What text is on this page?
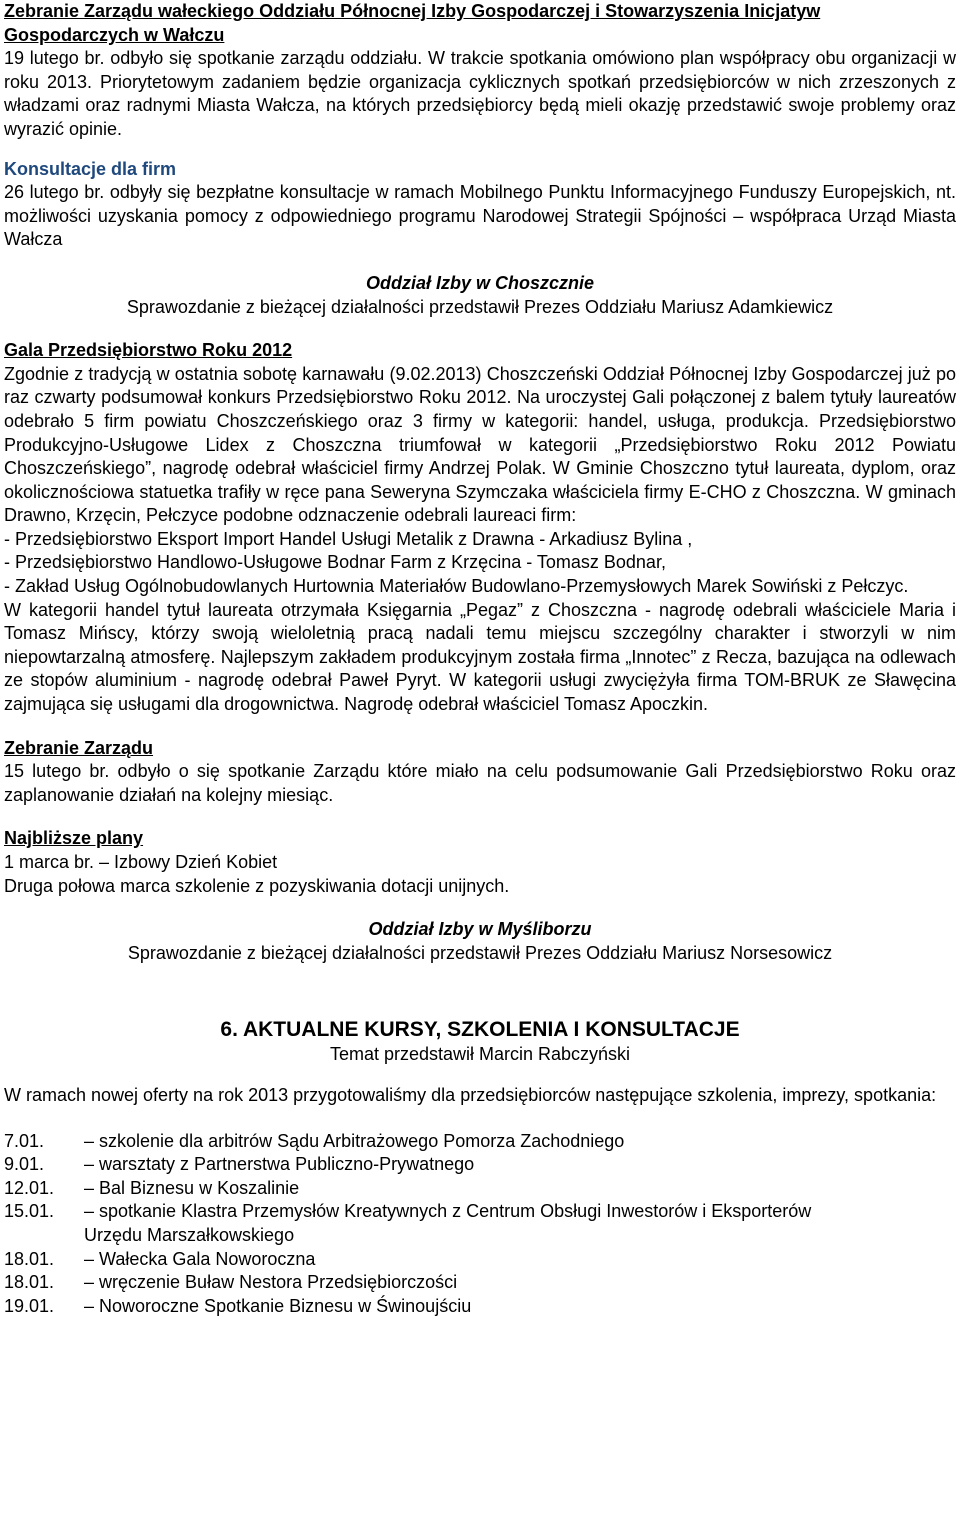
Zebranie Zarządu wałeckiego Oddziału Północnej Izby Gospodarczej i Stowarzyszenia Inicjatyw Gospodarczych w Wałczu

19 lutego br. odbyło się spotkanie zarządu oddziału. W trakcie spotkania omówiono plan współpracy obu organizacji w roku 2013. Priorytetowym zadaniem będzie organizacja cyklicznych spotkań przedsiębiorców w nich zrzeszonych z władzami oraz radnymi Miasta Wałcza, na których przedsiębiorcy będą mieli okazję przedstawić swoje problemy oraz wyrazić opinie.

Konsultacje dla firm

26 lutego br. odbyły się bezpłatne konsultacje w ramach Mobilnego Punktu Informacyjnego Funduszy Europejskich, nt. możliwości uzyskania pomocy z odpowiedniego programu Narodowej Strategii Spójności – współpraca Urząd Miasta Wałcza

Oddział Izby w Choszcznie

Sprawozdanie z bieżącej działalności przedstawił Prezes Oddziału Mariusz Adamkiewicz

Gala Przedsiębiorstwo Roku 2012

Zgodnie z tradycją w ostatnia sobotę karnawału (9.02.2013) Choszczeński Oddział Północnej Izby Gospodarczej już po raz czwarty podsumował konkurs Przedsiębiorstwo Roku 2012. Na uroczystej Gali połączonej z balem tytuły laureatów odebrało 5 firm powiatu Choszczeńskiego oraz 3 firmy w kategorii: handel, usługa, produkcja. Przedsiębiorstwo Produkcyjno-Usługowe Lidex z Choszczna triumfował w kategorii „Przedsiębiorstwo Roku 2012 Powiatu Choszczeńskiego”, nagrodę odebrał właściciel firmy Andrzej Polak. W Gminie Choszczno tytuł laureata, dyplom, oraz okolicznościowa statuetka trafiły w ręce pana Seweryna Szymczaka właściciela firmy E-CHO z Choszczna. W gminach Drawno, Krzęcin, Pełczyce podobne odznaczenie odebrali laureaci firm:

- Przedsiębiorstwo Eksport Import Handel Usługi Metalik z Drawna - Arkadiusz Bylina ,

- Przedsiębiorstwo Handlowo-Usługowe Bodnar Farm z Krzęcina - Tomasz Bodnar,

- Zakład Usług Ogólnobudowlanych Hurtownia Materiałów Budowlano-Przemysłowych Marek Sowiński z Pełczyc.

W kategorii handel tytuł laureata otrzymała Księgarnia „Pegaz” z Choszczna - nagrodę odebrali właściciele Maria i Tomasz Mińscy, którzy swoją wieloletnią pracą nadali temu miejscu szczególny charakter i stworzyli w nim niepowtarzalną atmosferę. Najlepszym zakładem produkcyjnym została firma „Innotec” z Recza, bazująca na odlewach ze stopów aluminium - nagrodę odebrał Paweł Pyryt. W kategorii usługi zwyciężyła firma TOM-BRUK ze Sławęcina zajmująca się usługami dla drogownictwa. Nagrodę odebrał właściciel Tomasz Apoczkin.

Zebranie Zarządu

15 lutego br. odbyło o się spotkanie Zarządu które miało na celu podsumowanie Gali Przedsiębiorstwo Roku oraz zaplanowanie działań na kolejny miesiąc.

Najbliższe plany

1 marca br. – Izbowy Dzień Kobiet

Druga połowa marca szkolenie z pozyskiwania dotacji unijnych.

Oddział Izby w Myśliborzu

Sprawozdanie z bieżącej działalności przedstawił Prezes Oddziału Mariusz Norsesowicz

6. AKTUALNE KURSY, SZKOLENIA I KONSULTACJE

Temat przedstawił Marcin Rabczyński

W ramach nowej oferty na rok 2013 przygotowaliśmy dla przedsiębiorców następujące szkolenia, imprezy, spotkania:

7.01.	– szkolenie dla arbitrów Sądu Arbitrażowego Pomorza Zachodniego
9.01.	– warsztaty z Partnerstwa Publiczno-Prywatnego
12.01.	– Bal Biznesu w Koszalinie
15.01.	– spotkanie Klastra Przemysłów Kreatywnych z Centrum Obsługi Inwestorów i Eksporterów
Urzędu Marszałkowskiego
18.01.	– Wałecka Gala Noworoczna
18.01.	– wręczenie Buław Nestora Przedsiębiorczości
19.01.	– Noworoczne Spotkanie Biznesu w Świnoujściu
